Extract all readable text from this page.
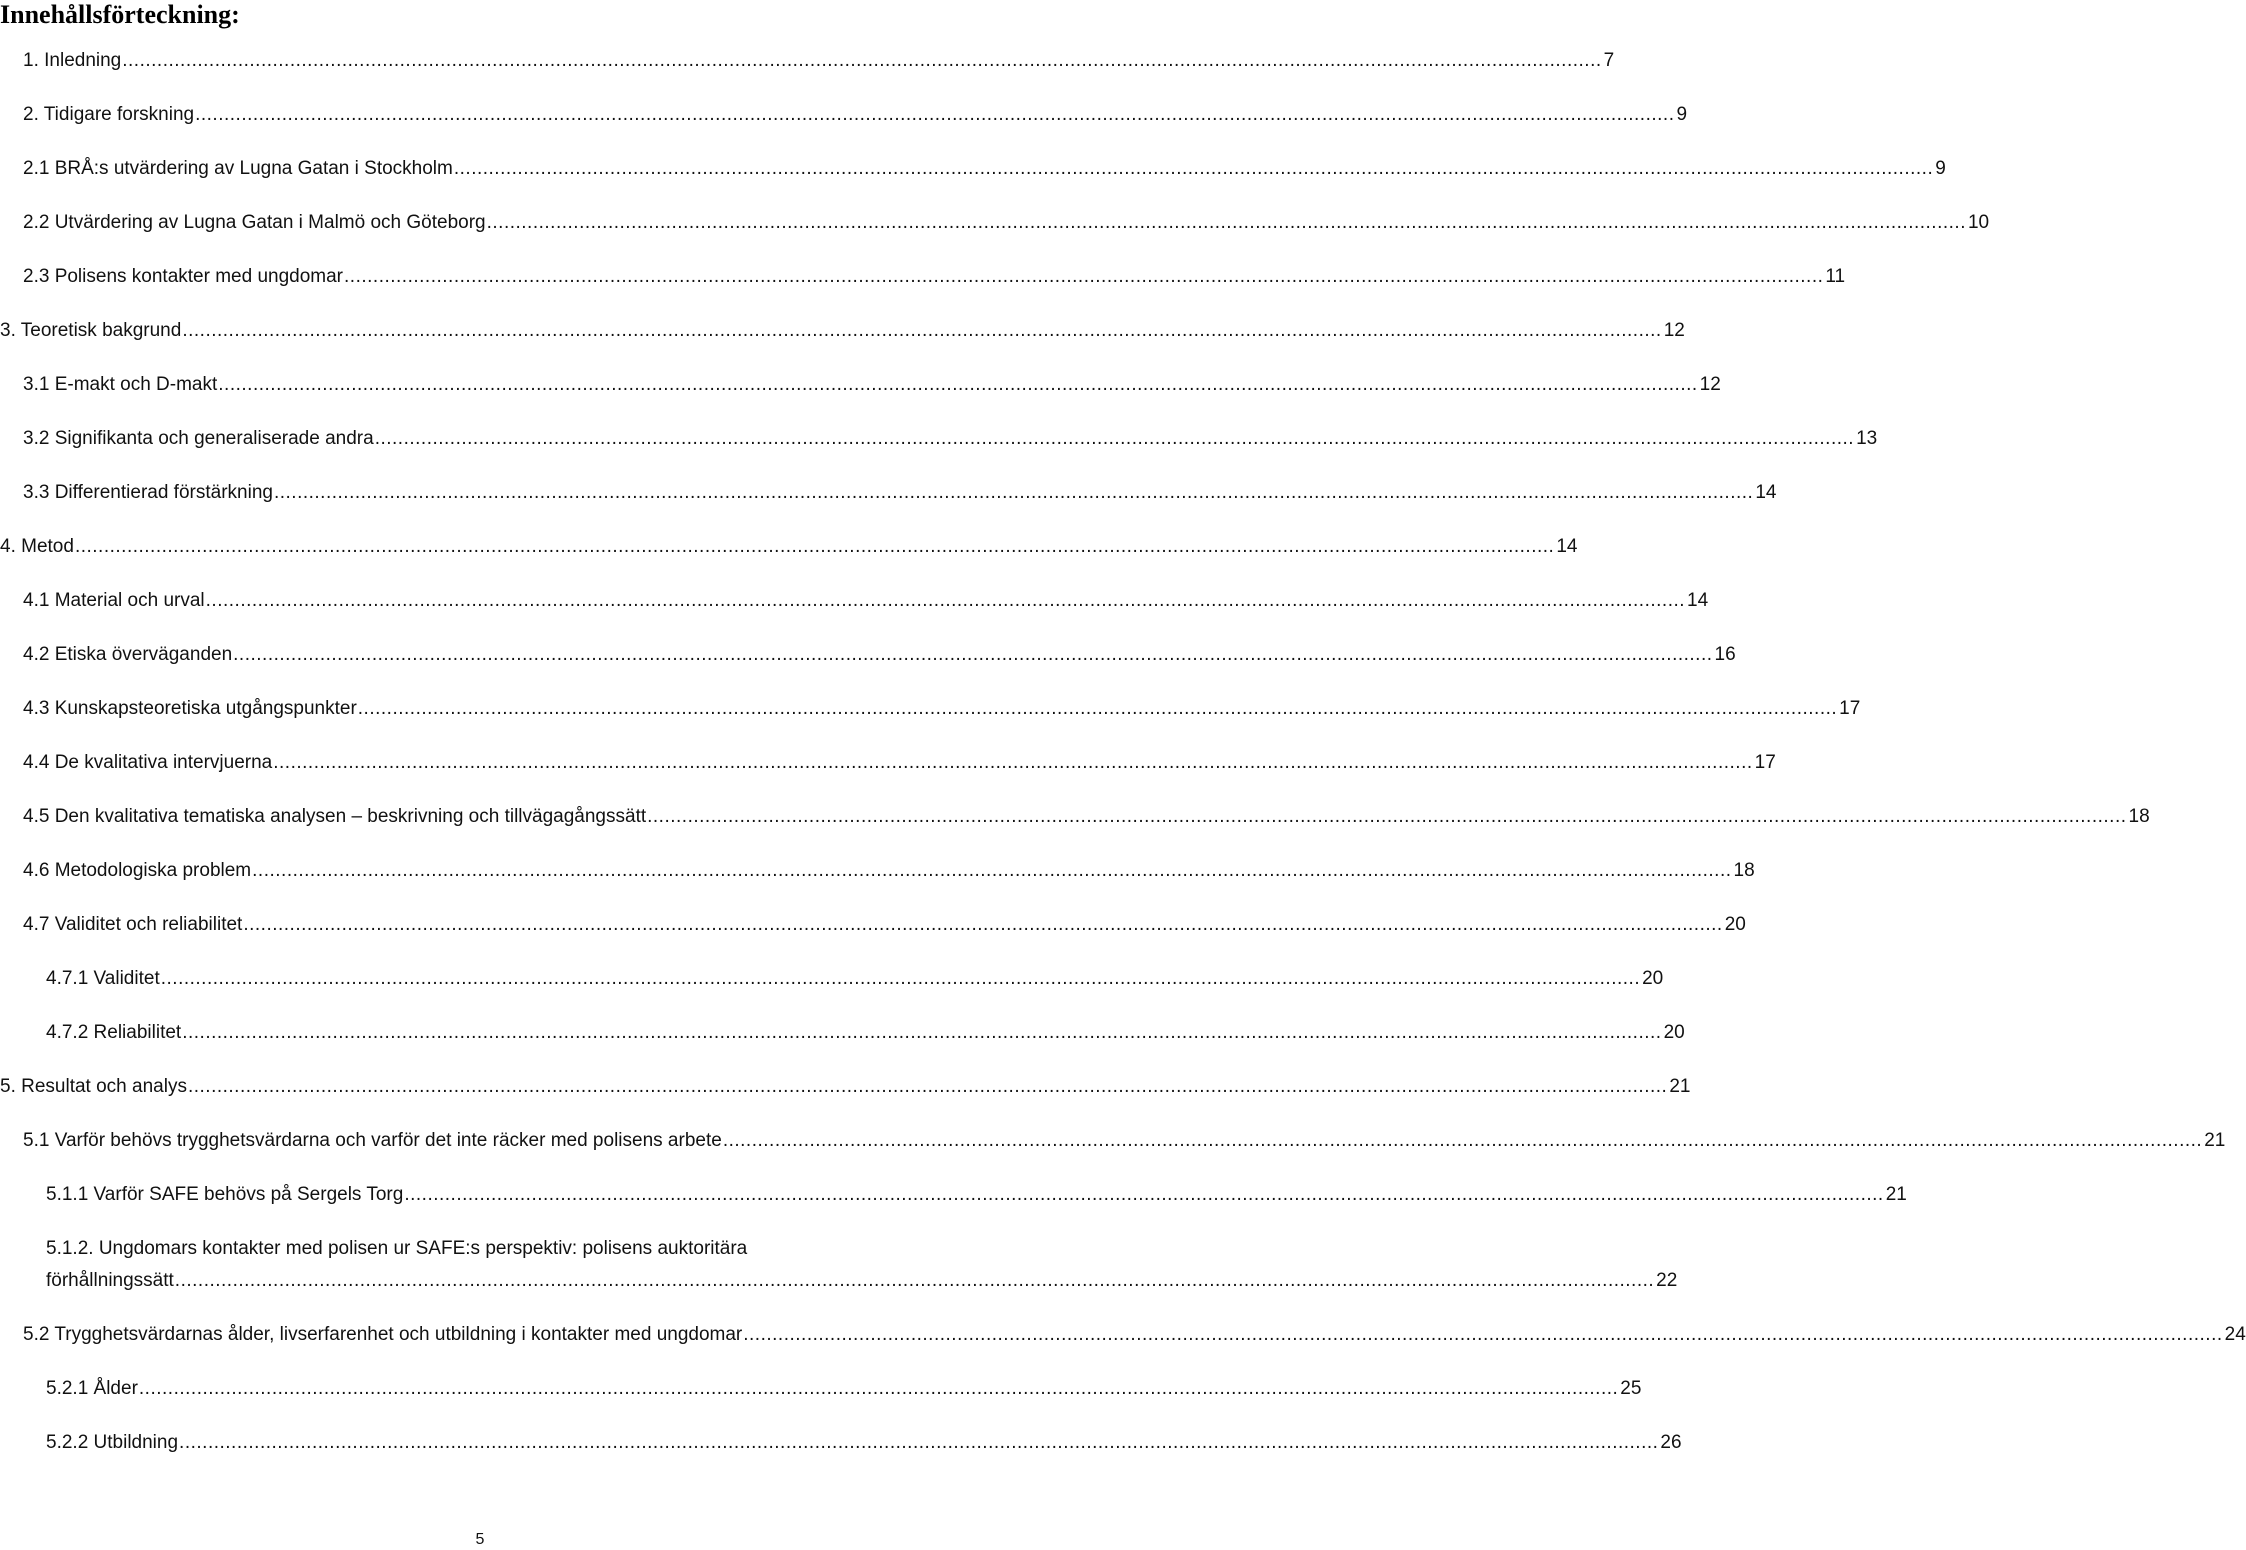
Innehållsförteckning:
1. Inledning .....	7
2. Tidigare forskning .....	9
2.1 BRÅ:s utvärdering av Lugna Gatan i Stockholm .....	9
2.2 Utvärdering av Lugna Gatan i Malmö och Göteborg .....	10
2.3 Polisens kontakter med ungdomar .....	11
3. Teoretisk bakgrund .....	12
3.1 E-makt och D-makt .....	12
3.2 Signifikanta och generaliserade andra .....	13
3.3 Differentierad förstärkning .....	14
4. Metod .....	14
4.1 Material och urval .....	14
4.2 Etiska överväganden .....	16
4.3 Kunskapsteoretiska utgångspunkter .....	17
4.4 De kvalitativa intervjuerna .....	17
4.5 Den kvalitativa tematiska analysen – beskrivning och tillvägagångssätt .....	18
4.6 Metodologiska problem .....	18
4.7 Validitet och reliabilitet .....	20
4.7.1 Validitet .....	20
4.7.2 Reliabilitet .....	20
5. Resultat och analys .....	21
5.1 Varför behövs trygghetsvärdarna och varför det inte räcker med polisens arbete .....	21
5.1.1 Varför SAFE behövs på Sergels Torg .....	21
5.1.2. Ungdomars kontakter med polisen ur SAFE:s perspektiv: polisens auktoritära
förhållningssätt .....	22
5.2 Trygghetsvärdarnas ålder, livserfarenhet och utbildning i kontakter med ungdomar .....	24
5.2.1 Ålder .....	25
5.2.2 Utbildning .....	26
5
